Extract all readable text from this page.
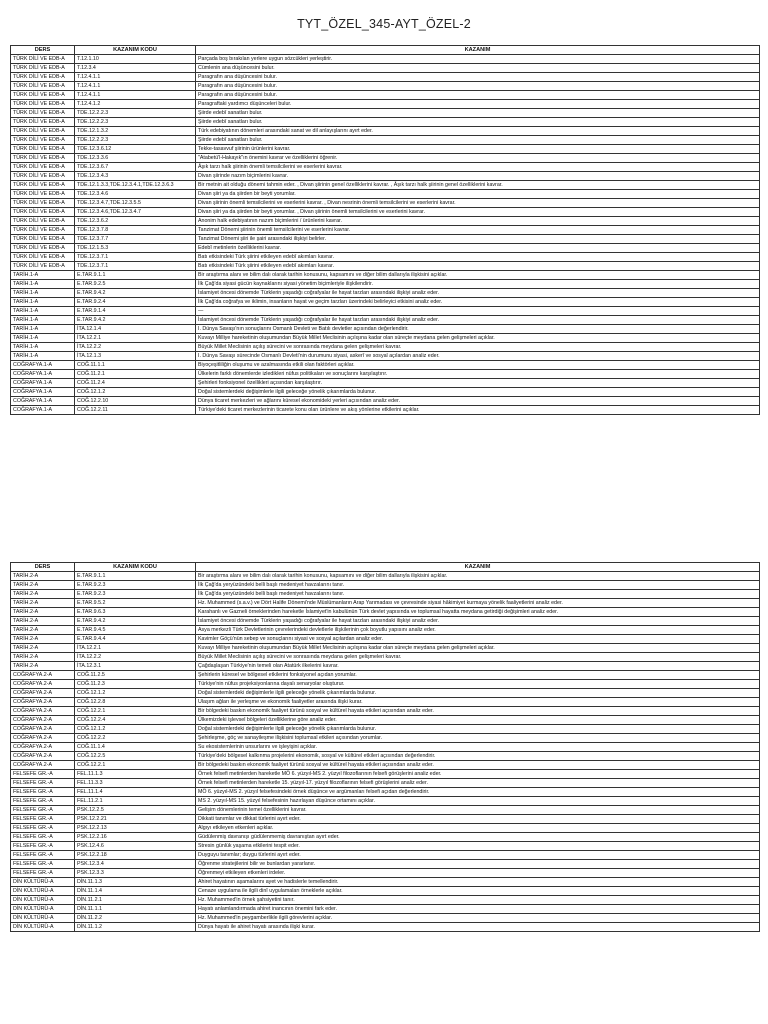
TYT_ÖZEL_345-AYT_ÖZEL-2
DERS	KAZANIM KODU	KAZANIM
TÜRK DİLİ VE EDB-A	T.12.1.10	Parçada boş bırakılan yerlere uygun sözcükleri yerleştirir.
TÜRK DİLİ VE EDB-A	T.12.3.4	Cümlenin ana düşüncesini bulur.
TÜRK DİLİ VE EDB-A	T.12.4.1.1	Paragrafın ana düşüncesini bulur.
TÜRK DİLİ VE EDB-A	T.12.4.1.1	Paragrafın ana düşüncesini bulur.
TÜRK DİLİ VE EDB-A	T.12.4.1.1	Paragrafın ana düşüncesini bulur.
TÜRK DİLİ VE EDB-A	T.12.4.1.2	Paragraftaki yardımcı düşünceleri bulur.
TÜRK DİLİ VE EDB-A	TDE.12.2.2.3	Şiirde edebî sanatları bulur.
TÜRK DİLİ VE EDB-A	TDE.12.2.2.3	Şiirde edebî sanatları bulur.
TÜRK DİLİ VE EDB-A	TDE.12.1.3.2	Türk edebiyatının dönemleri arasındaki sanat ve dil anlayışlarını ayırt eder.
TÜRK DİLİ VE EDB-A	TDE.12.2.2.3	Şiirde edebî sanatları bulur.
TÜRK DİLİ VE EDB-A	TDE.12.3.6.12	Tekke-tasavvuf şiirinin ürünlerini kavrar.
TÜRK DİLİ VE EDB-A	TDE.12.3.3.6	"Atabetü'l-Hakayık"ın önemini kavrar ve özelliklerini öğrenir.
TÜRK DİLİ VE EDB-A	TDE.12.3.6.7	Âşık tarzı halk şiirinin önemli temsilcilerini ve eserlerini kavrar.
TÜRK DİLİ VE EDB-A	TDE.12.3.4.3	Divan şiirinde nazım biçimlerini kavrar.
TÜRK DİLİ VE EDB-A	TDE.12.1.3.3,TDE.12.3.4.1,TDE.12.3.6.3	Bir metnin ait olduğu dönemi tahmin eder. , Divan şiirinin genel özelliklerini kavrar. , Âşık tarzı halk şiirinin genel özelliklerini kavrar.
TÜRK DİLİ VE EDB-A	TDE.12.3.4.6	Divan şiiri ya da şiirden bir beyti yorumlar.
TÜRK DİLİ VE EDB-A	TDE.12.3.4.7,TDE.12.3.5.5	Divan şiirinin önemli temsilcilerini ve eserlerini kavrar. , Divan nesrinin önemli temsilcilerini ve eserlerini kavrar.
TÜRK DİLİ VE EDB-A	TDE.12.3.4.6,TDE.12.3.4.7	Divan şiiri ya da şiirden bir beyti yorumlar. , Divan şiirinin önemli temsilcilerini ve eserlerini kavrar.
TÜRK DİLİ VE EDB-A	TDE.12.3.6.2	Anonim halk edebiyatının nazım biçimlerini / ürünlerini kavrar.
TÜRK DİLİ VE EDB-A	TDE.12.3.7.8	Tanzimat Dönemi şiirinin önemli temsilcilerini ve eserlerini kavrar.
TÜRK DİLİ VE EDB-A	TDE.12.3.7.7	Tanzimat Dönemi şiiri ile şairi arasındaki ilişkiyi belirler.
TÜRK DİLİ VE EDB-A	TDE.12.1.5.3	Edebî metinlerin özelliklerini kavrar.
TÜRK DİLİ VE EDB-A	TDE.12.3.7.1	Batı etkisindeki Türk şiirini etkileyen edebî akımları kavrar.
TÜRK DİLİ VE EDB-A	TDE.12.3.7.1	Batı etkisindeki Türk şiirini etkileyen edebî akımları kavrar.
TARİH.1-A	E.TAR.9.1.1	Bir araştırma alanı ve bilim dalı olarak tarihin konusunu, kapsamını ve diğer bilim dallarıyla ilişkisini açıklar.
TARİH.1-A	E.TAR.9.2.5	İlk Çağ'da siyasi gücün kaynaklarını siyasi yönetim biçimleriyle ilişkilendirir.
TARİH.1-A	E.TAR.9.4.2	İslamiyet öncesi dönemde Türklerin yaşadığı coğrafyalar ile hayat tarzları arasındaki ilişkiyi analiz eder.
TARİH.1-A	E.TAR.9.2.4	İlk Çağ'da coğrafya ve iklimin, insanların hayat ve geçim tarzları üzerindeki belirleyici etkisini analiz eder.
TARİH.1-A	E.TAR.9.1.4	—
TARİH.1-A	E.TAR.9.4.2	İslamiyet öncesi dönemde Türklerin yaşadığı coğrafyalar ile hayat tarzları arasındaki ilişkiyi analiz eder.
TARİH.1-A	İTA.12.1.4	I. Dünya Savaşı'nın sonuçlarını Osmanlı Devleti ve Batılı devletler açısından değerlendirir.
TARİH.1-A	İTA.12.2.1	Kuvayı Milliye hareketinin oluşumundan Büyük Millet Meclisinin açılışına kadar olan süreçte meydana gelen gelişmeleri açıklar.
TARİH.1-A	İTA.12.2.2	Büyük Millet Meclisinin açılış sürecini ve sonrasında meydana gelen gelişmeleri kavrar.
TARİH.1-A	İTA.12.1.3	I. Dünya Savaşı sürecinde Osmanlı Devleti'nin durumunu siyasi, askerî ve sosyal açılardan analiz eder.
COĞRAFYA.1-A	COĞ.11.1.1	Biyoçeşitliliğin oluşumu ve azalmasında etkili olan faktörleri açıklar.
COĞRAFYA.1-A	COĞ.11.2.1	Ülkelerin farklı dönemlerde izledikleri nüfus politikaları ve sonuçlarını karşılaştırır.
COĞRAFYA.1-A	COĞ.11.2.4	Şehirleri fonksiyonel özellikleri açısından karşılaştırır.
COĞRAFYA.1-A	COĞ.12.1.2	Doğal sistemlerdeki değişimlerle ilgili geleceğe yönelik çıkarımlarda bulunur.
COĞRAFYA.1-A	COĞ.12.2.10	Dünya ticaret merkezleri ve ağlarını küresel ekonomideki yerleri açısından analiz eder.
COĞRAFYA.1-A	COĞ.12.2.11	Türkiye'deki ticaret merkezlerinin ticarete konu olan ürünlere ve akış yönlerine etkilerini açıklar.
DERS	KAZANIM KODU	KAZANIM
TARİH.2-A	E.TAR.9.1.1	Bir araştırma alanı ve bilim dalı olarak tarihin konusunu, kapsamını ve diğer bilim dallarıyla ilişkisini açıklar.
TARİH.2-A	E.TAR.9.2.3	İlk Çağ'da yeryüzündeki belli başlı medeniyet havzalarını tanır.
TARİH.2-A	E.TAR.9.2.3	İlk Çağ'da yeryüzündeki belli başlı medeniyet havzalarını tanır.
TARİH.2-A	E.TAR.9.5.2	Hz. Muhammed (s.a.v.) ve Dört Halife Dönemi'nde Müslümanların Arap Yarımadası ve çevresinde siyasi hâkimiyet kurmaya yönelik faaliyetlerini analiz eder.
TARİH.2-A	E.TAR.9.6.3	Karahanlı ve Gazneli örneklerinden hareketle İslamiyet'in kabulünün Türk devlet yapısında ve toplumsal hayatta meydana getirdiği değişimleri analiz eder.
TARİH.2-A	E.TAR.9.4.2	İslamiyet öncesi dönemde Türklerin yaşadığı coğrafyalar ile hayat tarzları arasındaki ilişkiyi analiz eder.
TARİH.2-A	E.TAR.9.4.5	Asya merkezli Türk Devletlerinin çevrelerindeki devletlerle ilişkilerinin çok boyutlu yapısını analiz eder.
TARİH.2-A	E.TAR.9.4.4	Kavimler Göçü'nün sebep ve sonuçlarını siyasi ve sosyal açılardan analiz eder.
TARİH.2-A	İTA.12.2.1	Kuvayı Milliye hareketinin oluşumundan Büyük Millet Meclisinin açılışına kadar olan süreçte meydana gelen gelişmeleri açıklar.
TARİH.2-A	İTA.12.2.2	Büyük Millet Meclisinin açılış sürecini ve sonrasında meydana gelen gelişmeleri kavrar.
TARİH.2-A	İTA.12.3.1	Çağdaşlaşan Türkiye'nin temeli olan Atatürk ilkelerini kavrar.
COĞRAFYA.2-A	COĞ.11.2.5	Şehirlerin küresel ve bölgesel etkilerini fonksiyonel açıdan yorumlar.
COĞRAFYA.2-A	COĞ.11.2.3	Türkiye'nin nüfus projeksiyonlarına dayalı senaryolar oluşturur.
COĞRAFYA.2-A	COĞ.12.1.2	Doğal sistemlerdeki değişimlerle ilgili geleceğe yönelik çıkarımlarda bulunur.
COĞRAFYA.2-A	COĞ.12.2.8	Ulaşım ağları ile yerleşme ve ekonomik faaliyetler arasında ilişki kurar.
COĞRAFYA.2-A	COĞ.12.2.1	Bir bölgedeki baskın ekonomik faaliyet türünü sosyal ve kültürel hayata etkileri açısından analiz eder.
COĞRAFYA.2-A	COĞ.12.2.4	Ülkemizdeki işlevsel bölgeleri özelliklerine göre analiz eder.
COĞRAFYA.2-A	COĞ.12.1.2	Doğal sistemlerdeki değişimlerle ilgili geleceğe yönelik çıkarımlarda bulunur.
COĞRAFYA.2-A	COĞ.12.2.2	Şehirleşme, göç ve sanayileşme ilişkisini toplumsal etkileri açısından yorumlar.
COĞRAFYA.2-A	COĞ.11.1.4	Su ekosistemlerinin unsurlarını ve işleyişini açıklar.
COĞRAFYA.2-A	COĞ.12.2.5	Türkiye'deki bölgesel kalkınma projelerini ekonomik, sosyal ve kültürel etkileri açısından değerlendirir.
COĞRAFYA.2-A	COĞ.12.2.1	Bir bölgedeki baskın ekonomik faaliyet türünü sosyal ve kültürel hayata etkileri açısından analiz eder.
FELSEFE GR.-A	FEL.11.1.3	Örnek felsefi metinlerden hareketle MÖ 6. yüzyıl-MS 2. yüzyıl filozoflarının felsefi görüşlerini analiz eder.
FELSEFE GR.-A	FEL.11.3.3	Örnek felsefi metinlerden hareketle 15. yüzyıl-17. yüzyıl filozoflarının felsefi görüşlerini analiz eder.
FELSEFE GR.-A	FEL.11.1.4	MÖ 6. yüzyıl-MS 2. yüzyıl felsefesindeki örnek düşünce ve argümanları felsefi açıdan değerlendirir.
FELSEFE GR.-A	FEL.11.2.1	MS 2. yüzyıl-MS 15. yüzyıl felsefesinin hazırlayan düşünce ortamını açıklar.
FELSEFE GR.-A	PSK.12.2.5	Gelişim dönemlerinin temel özelliklerini kavrar.
FELSEFE GR.-A	PSK.12.2.21	Dikkati tanımlar ve dikkat türlerini ayırt eder.
FELSEFE GR.-A	PSK.12.2.13	Algıyı etkileyen etkenleri açıklar.
FELSEFE GR.-A	PSK.12.2.16	Güdülenmiş davranışı güdülenmemiş davranıştan ayırt eder.
FELSEFE GR.-A	PSK.12.4.6	Stresin günlük yaşama etkilerini tespit eder.
FELSEFE GR.-A	PSK.12.2.18	Duyguyu tanımlar; duygu türlerini ayırt eder.
FELSEFE GR.-A	PSK.12.3.4	Öğrenme stratejilerini bilir ve bunlardan yararlanır.
FELSEFE GR.-A	PSK.12.3.3	Öğrenmeyi etkileyen etkenleri irdeler.
DİN KÜLTÜRÜ-A	DİN.11.1.3	Ahiret hayatının aşamalarını ayet ve hadislerle temellendirir.
DİN KÜLTÜRÜ-A	DİN.11.1.4	Cenaze uygulama ile ilgili dinî uygulamaları örneklerle açıklar.
DİN KÜLTÜRÜ-A	DİN.11.2.1	Hz. Muhammed'in örnek şahsiyetini tanır.
DİN KÜLTÜRÜ-A	DİN.11.1.1	Hayatı anlamlandırmada ahiret inancının önemini fark eder.
DİN KÜLTÜRÜ-A	DİN.11.2.2	Hz. Muhammed'in peygamberlikle ilgili görevlerini açıklar.
DİN KÜLTÜRÜ-A	DİN.11.1.2	Dünya hayatı ile ahiret hayatı arasında ilişki kurar.
